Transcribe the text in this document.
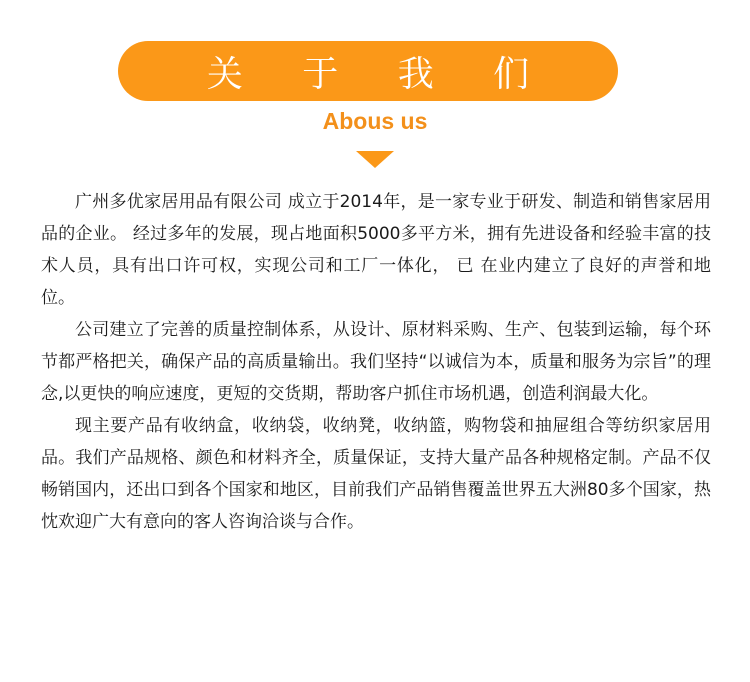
关 于 我 们
Abous us

广州多优家居用品有限公司 成立于2014年，是一家专业于研发、制造和销售家居用品的企业。 经过多年的发展，现占地面积5000多平方米，拥有先进设备和经验丰富的技术人员，具有出口许可权，实现公司和工厂一体化， 已 在业内建立了良好的声誉和地位。

公司建立了完善的质量控制体系，从设计、原材料采购、生产、包装到运输，每个环节都严格把关，确保产品的高质量输出。我们坚持“以诚信为本，质量和服务为宗旨”的理念,以更快的响应速度，更短的交货期，帮助客户抓住市场机遇，创造利润最大化。

现主要产品有收纳盒，收纳袋，收纳凳，收纳篮，购物袋和抽屉组合等纺织家居用品。我们产品规格、颜色和材料齐全，质量保证，支持大量产品各种规格定制。产品不仅畅销国内，还出口到各个国家和地区，目前我们产品销售覆盖世界五大洲80多个国家，热忱欢迎广大有意向的客人咨询洽谈与合作。
